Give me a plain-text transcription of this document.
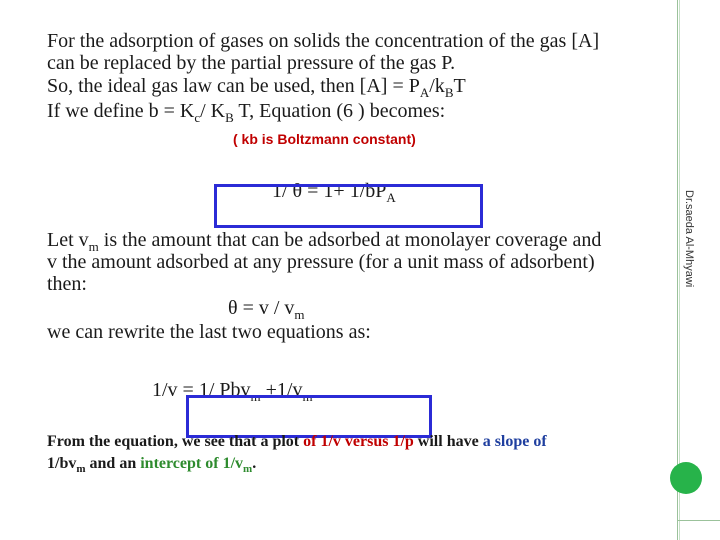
For the adsorption of gases on solids the concentration of the gas [A]
can be replaced by the partial pressure of the gas P.
So, the ideal gas law can be used, then $[A] = P_A/k_BT$
If we define $b = K_c/$ $K_B$ T, Equation (6 ) becomes:
( kb is Boltzmann constant)
1/ $\theta = 1+ 1/bP_A$
Let $v_m$ is the amount that can be adsorbed at monolayer coverage and
v the amount adsorbed at any pressure (for a unit mass of adsorbent)
then:
$\theta = v / v_m$
we can rewrite the last two equations as:
1/v = 1/ $Pbv_m +1/v_m$
From the equation, we see that a plot of 1/v versus 1/p will have a slope of
$1/bv_m$ and an intercept of $1/v_m$.
Dr.saeda Al-Mhyawi
